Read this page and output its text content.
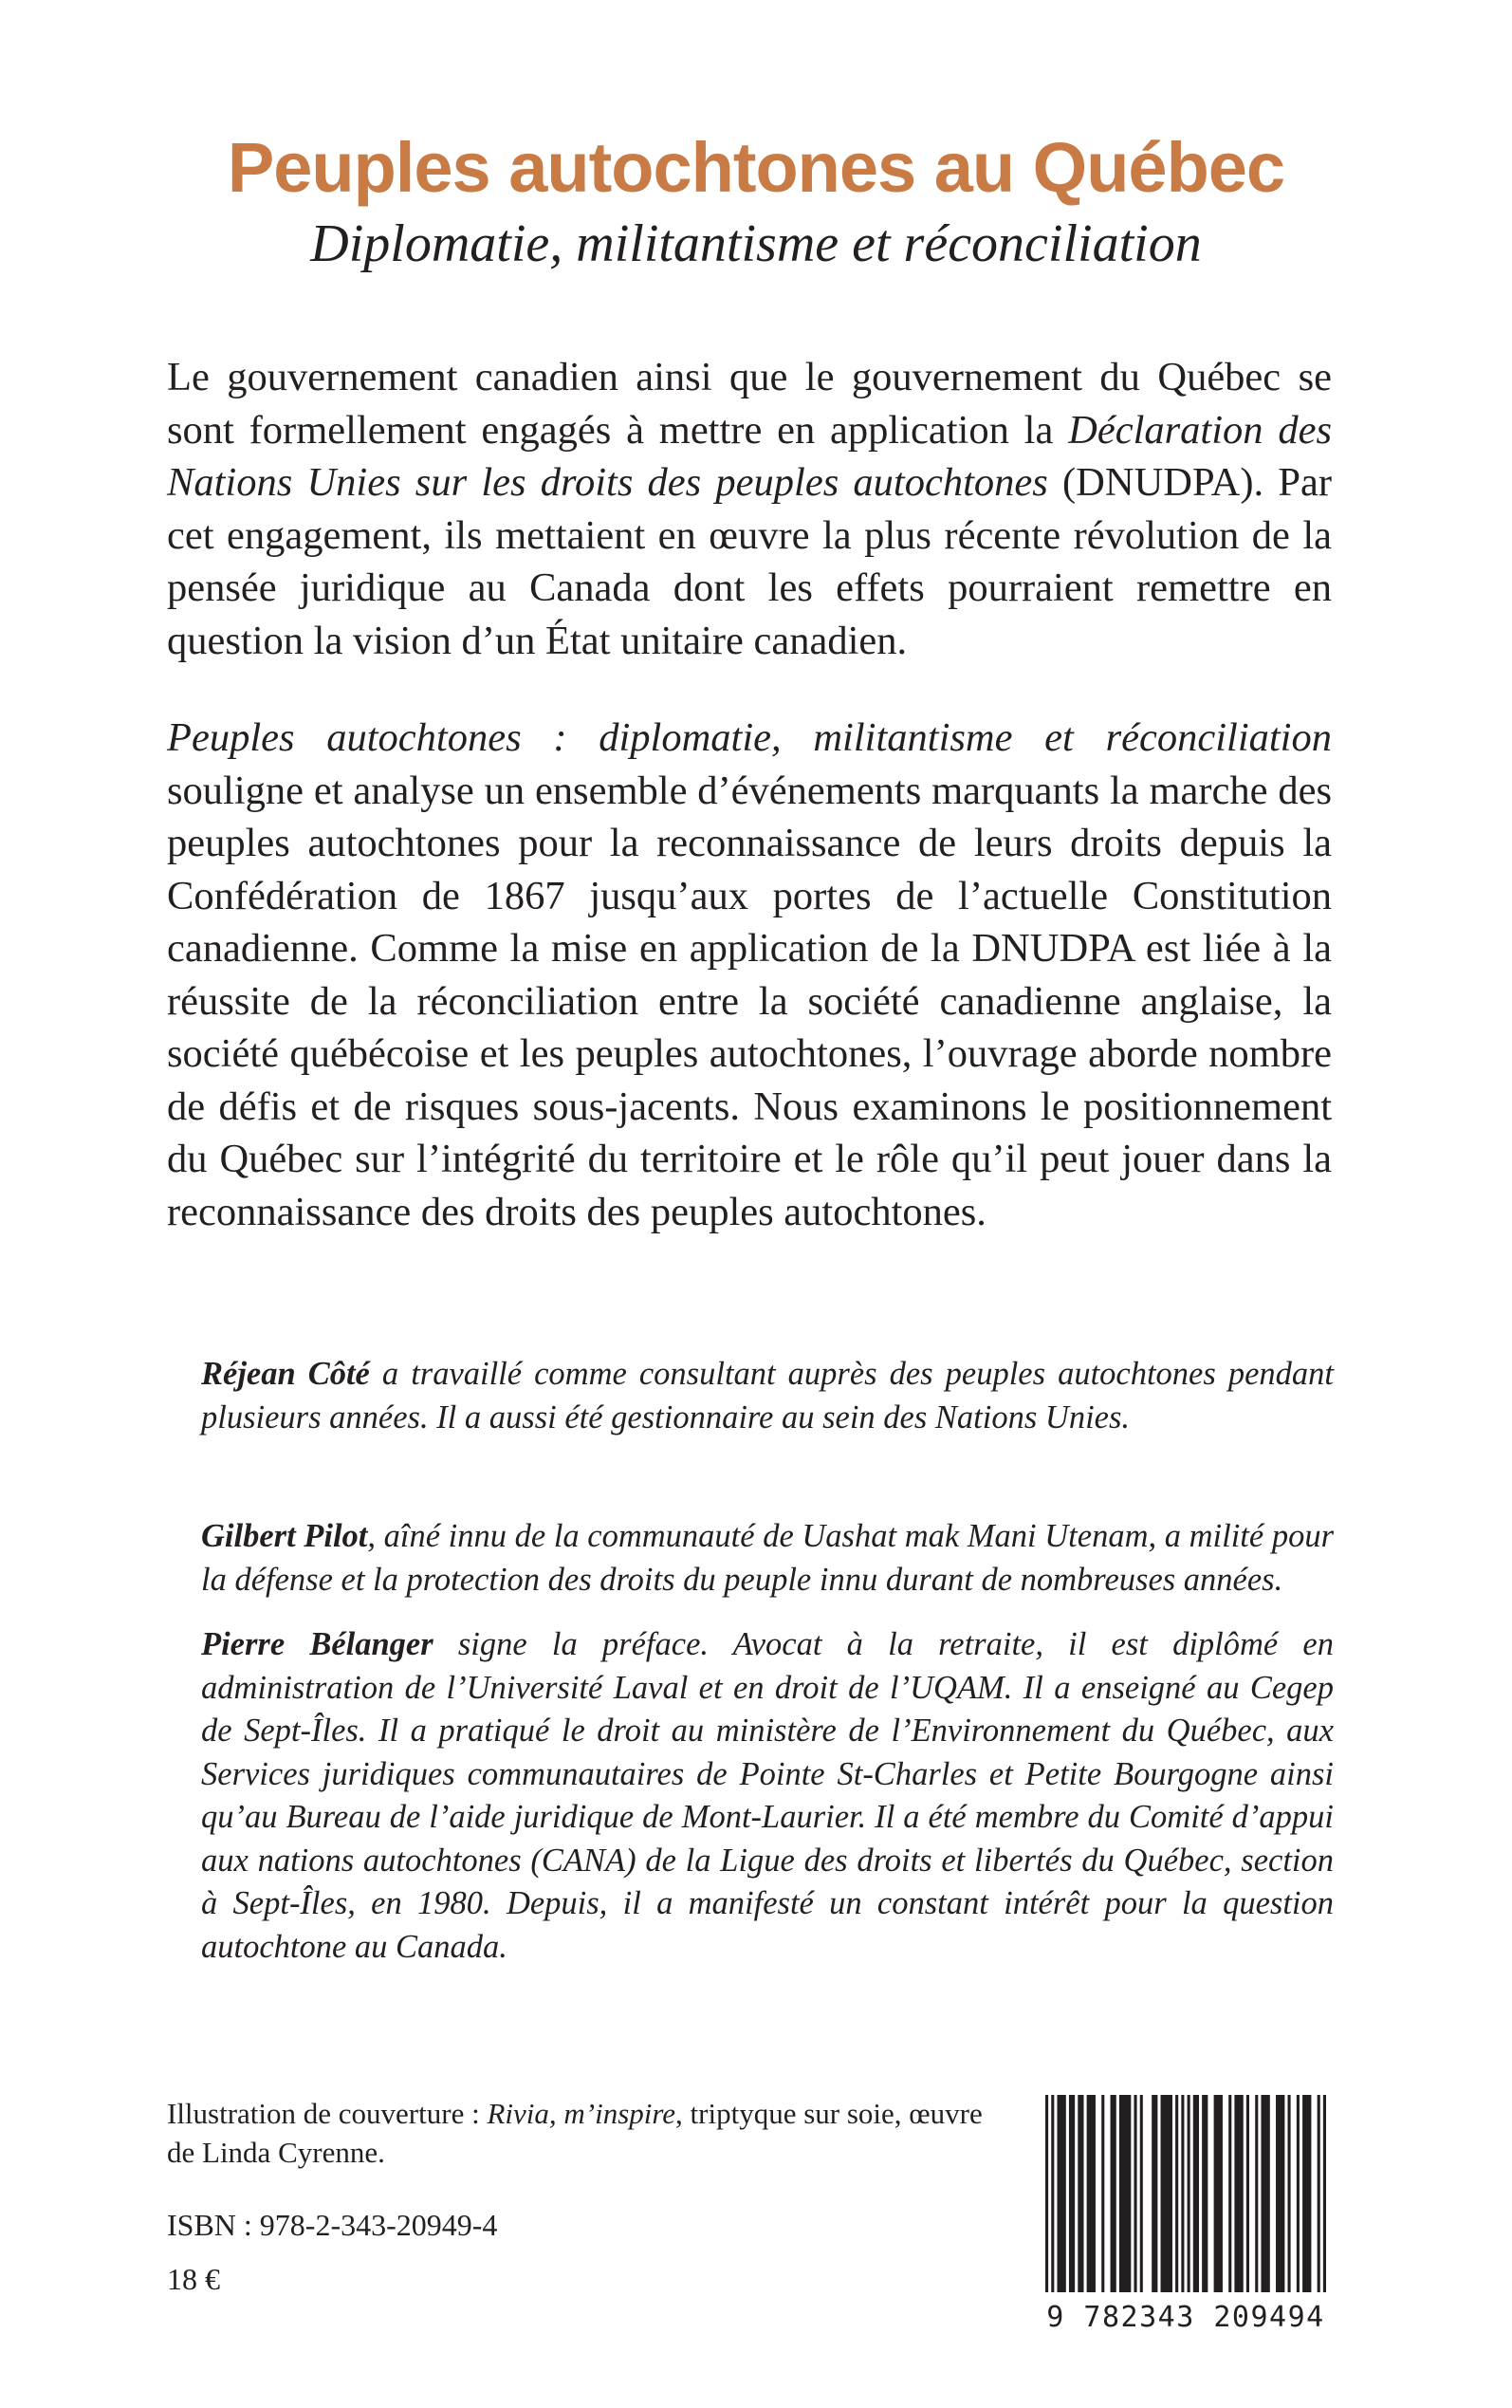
Peuples autochtones au Québec
Diplomatie, militantisme et réconciliation
Le gouvernement canadien ainsi que le gouvernement du Québec se sont formellement engagés à mettre en application la Déclaration des Nations Unies sur les droits des peuples autochtones (DNUDPA). Par cet engagement, ils mettaient en œuvre la plus récente révolution de la pensée juridique au Canada dont les effets pourraient remettre en question la vision d’un État unitaire canadien.
Peuples autochtones : diplomatie, militantisme et réconciliation souligne et analyse un ensemble d’événements marquants la marche des peuples autochtones pour la reconnaissance de leurs droits depuis la Confédération de 1867 jusqu’aux portes de l’actuelle Constitution canadienne. Comme la mise en application de la DNUDPA est liée à la réussite de la réconciliation entre la société canadienne anglaise, la société québécoise et les peuples autochtones, l’ouvrage aborde nombre de défis et de risques sous-jacents. Nous examinons le positionnement du Québec sur l’intégrité du territoire et le rôle qu’il peut jouer dans la reconnaissance des droits des peuples autochtones.
Réjean Côté a travaillé comme consultant auprès des peuples autochtones pendant plusieurs années. Il a aussi été gestionnaire au sein des Nations Unies.
Gilbert Pilot, aîné innu de la communauté de Uashat mak Mani Utenam, a milité pour la défense et la protection des droits du peuple innu durant de nombreuses années.
Pierre Bélanger signe la préface. Avocat à la retraite, il est diplômé en administration de l’Université Laval et en droit de l’UQAM. Il a enseigné au Cegep de Sept-Îles. Il a pratiqué le droit au ministère de l’Environnement du Québec, aux Services juridiques communautaires de Pointe St-Charles et Petite Bourgogne ainsi qu’au Bureau de l’aide juridique de Mont-Laurier. Il a été membre du Comité d’appui aux nations autochtones (CANA) de la Ligue des droits et libertés du Québec, section à Sept-Îles, en 1980. Depuis, il a manifesté un constant intérêt pour la question autochtone au Canada.
Illustration de couverture : Rivia, m’inspire, triptyque sur soie, œuvre de Linda Cyrenne.
ISBN : 978-2-343-20949-4
18 €
9 782343 209494
